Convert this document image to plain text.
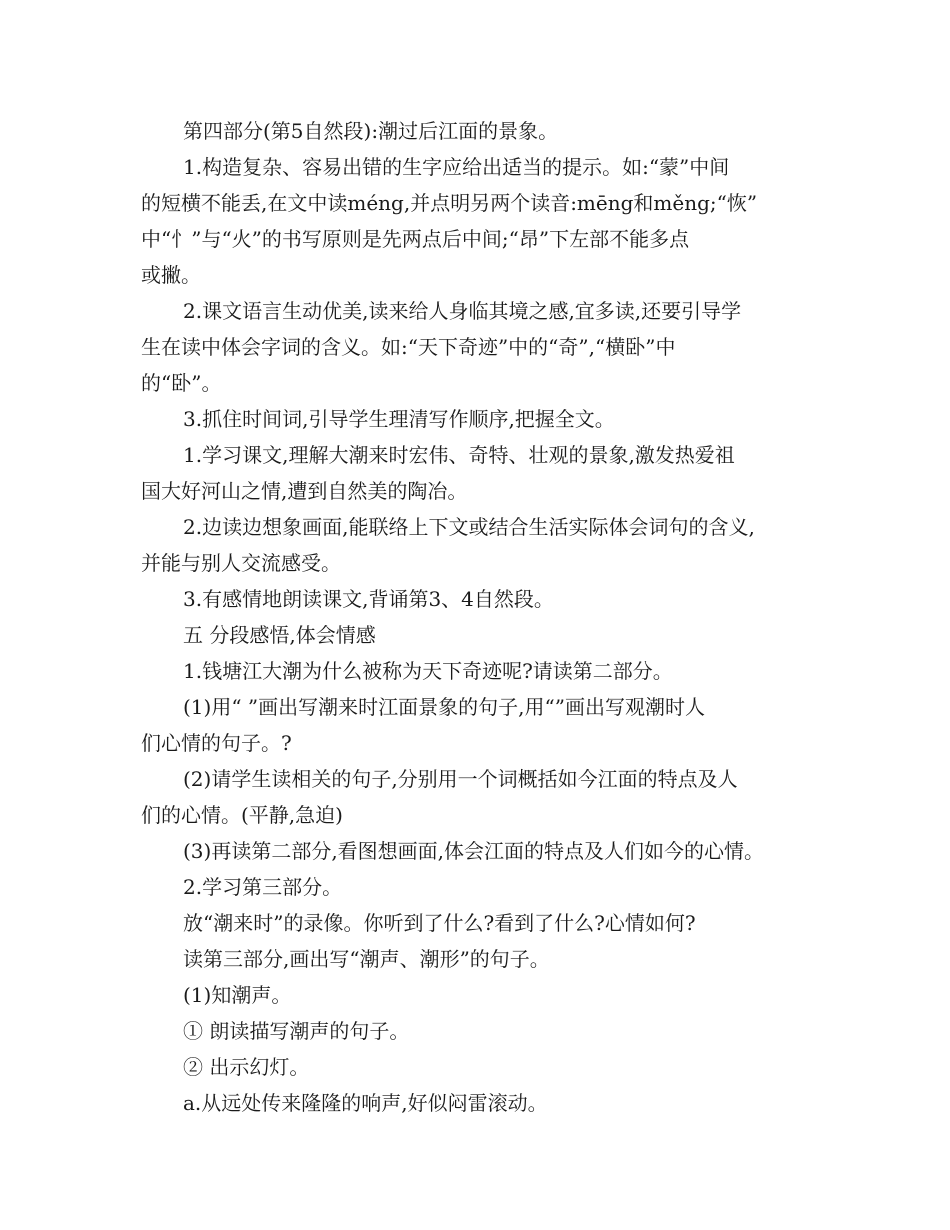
第四部分(第5自然段):潮过后江面的景象。
1.构造复杂、容易出错的生字应给出适当的提示。如:“蒙”中间
的短横不能丢,在文中读méng,并点明另两个读音:mēng和měng;“恢”
中“忄”与“火”的书写原则是先两点后中间;“昂”下左部不能多点
或撇。
2.课文语言生动优美,读来给人身临其境之感,宜多读,还要引导学
生在读中体会字词的含义。如:“天下奇迹”中的“奇”,“横卧”中
的“卧”。
3.抓住时间词,引导学生理清写作顺序,把握全文。
1.学习课文,理解大潮来时宏伟、奇特、壮观的景象,激发热爱祖
国大好河山之情,遭到自然美的陶冶。
2.边读边想象画面,能联络上下文或结合生活实际体会词句的含义,
并能与别人交流感受。
3.有感情地朗读课文,背诵第3、4自然段。
五 分段感悟,体会情感
1.钱塘江大潮为什么被称为天下奇迹呢?请读第二部分。
(1)用“ ”画出写潮来时江面景象的句子,用“”画出写观潮时人
们心情的句子。?
(2)请学生读相关的句子,分别用一个词概括如今江面的特点及人
们的心情。(平静,急迫)
(3)再读第二部分,看图想画面,体会江面的特点及人们如今的心情。
2.学习第三部分。
放“潮来时”的录像。你听到了什么?看到了什么?心情如何?
读第三部分,画出写“潮声、潮形”的句子。
(1)知潮声。
① 朗读描写潮声的句子。
② 出示幻灯。
a.从远处传来隆隆的响声,好似闷雷滚动。
